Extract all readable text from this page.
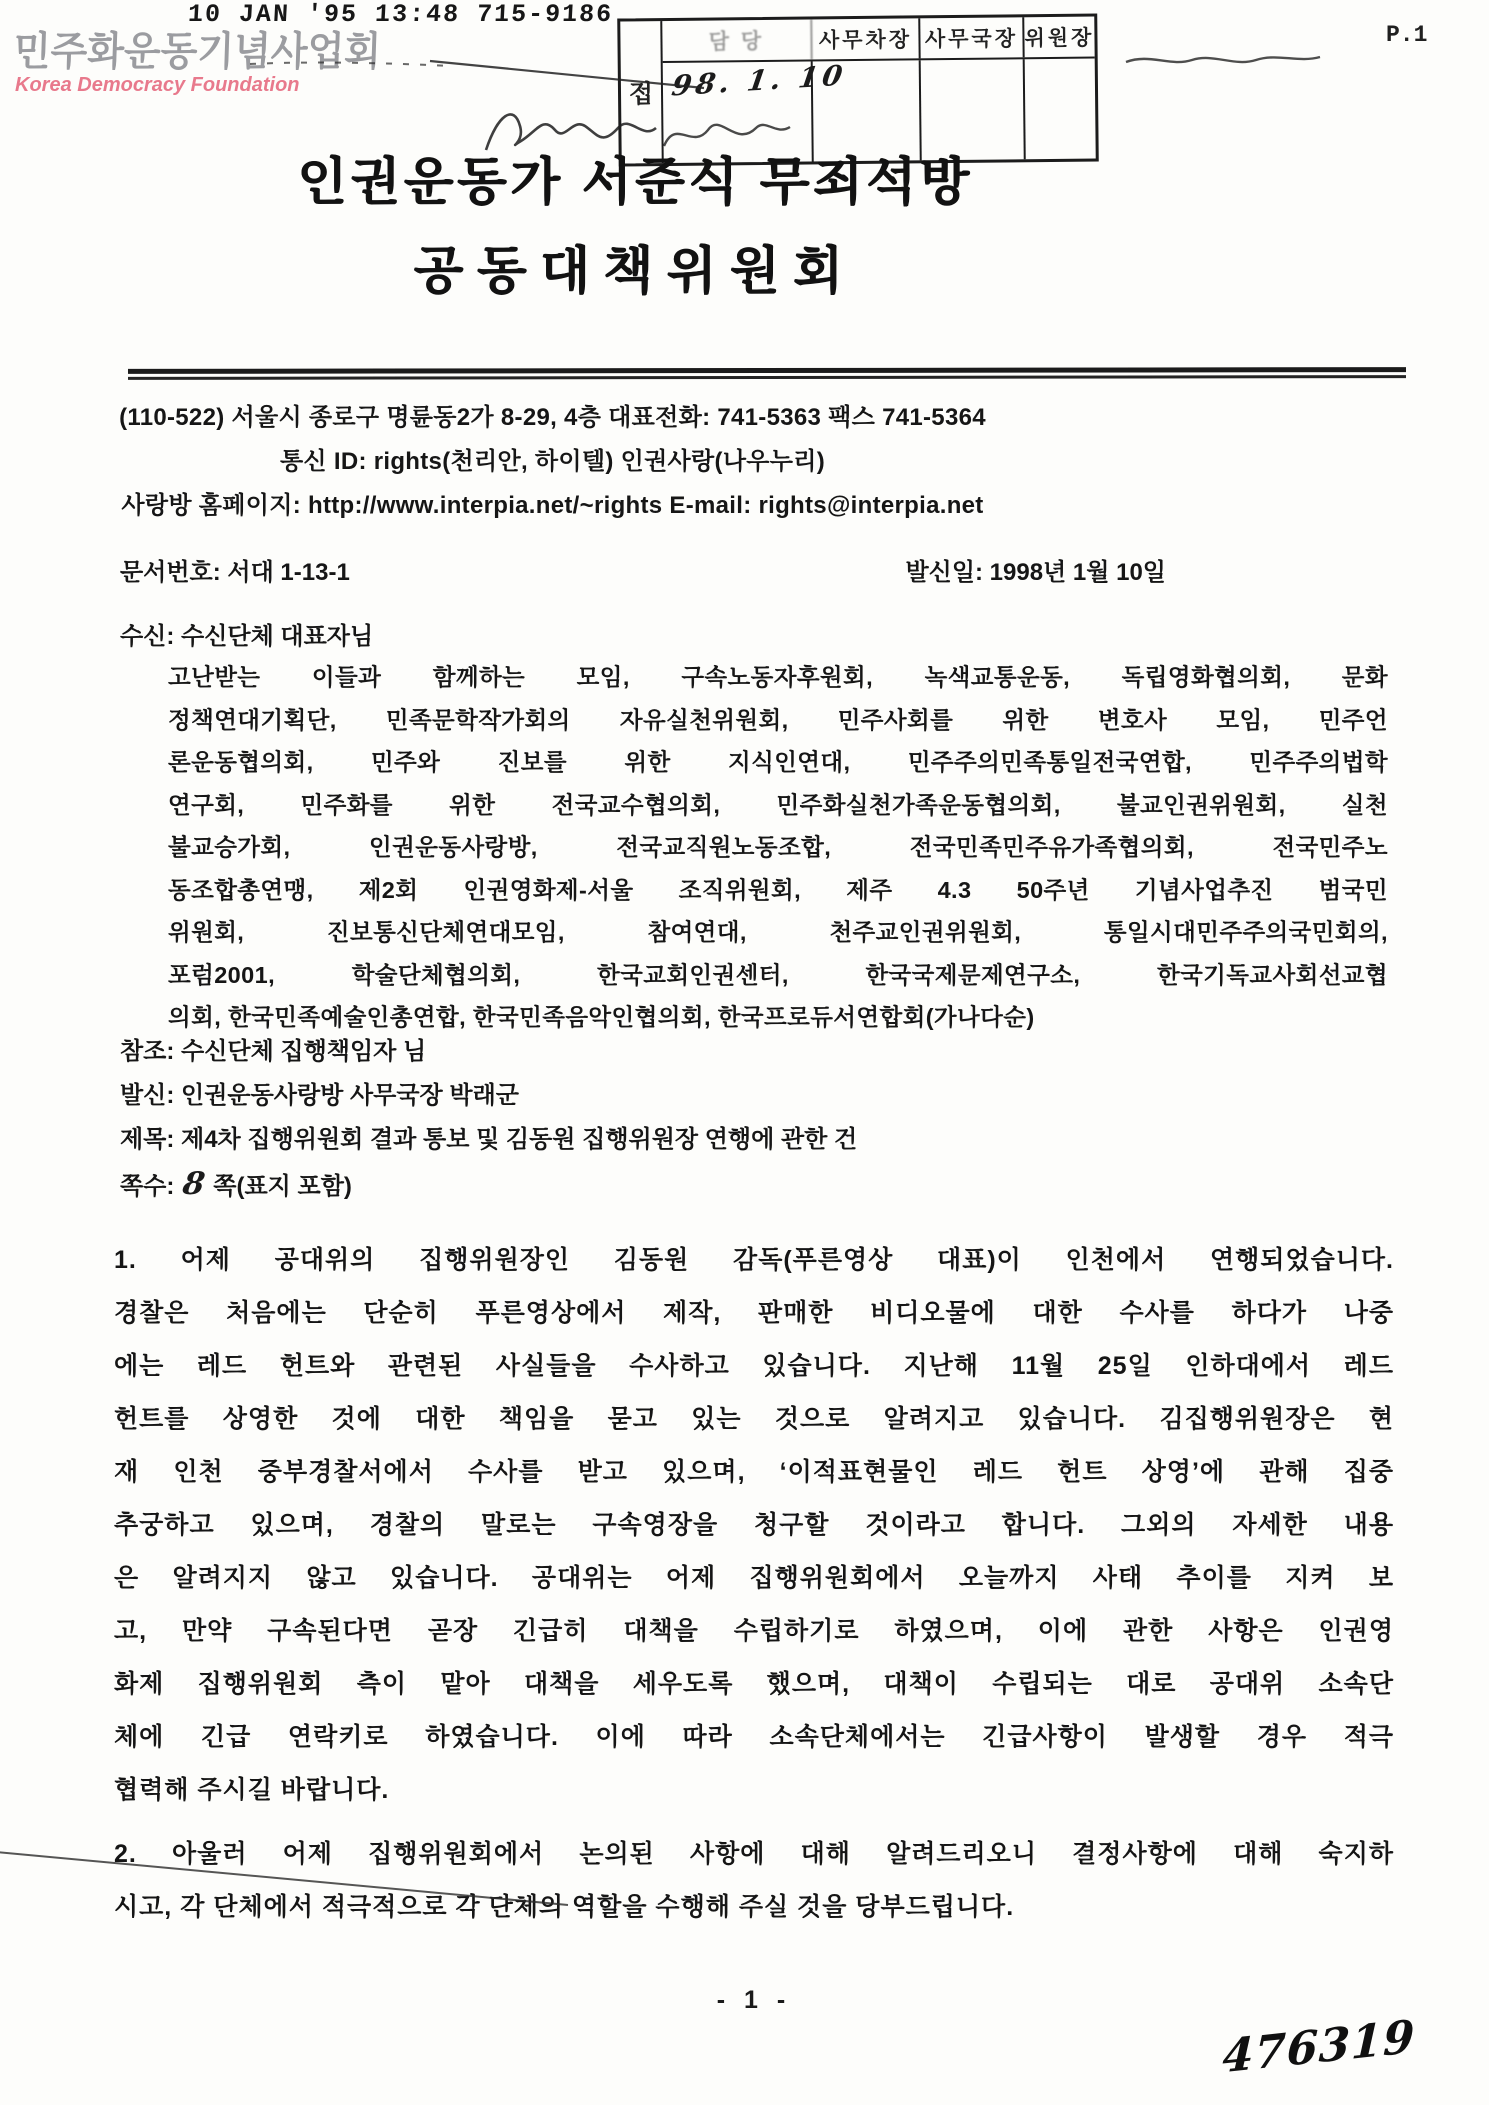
10 JAN '95 13:48 715-9186
P.1
민주화운동기념사업회
Korea Democracy Foundation	접
담 당	사무차장 사무국장 위원장
98. 1. 10
인권운동가 서준식 무죄석방
공동대책위원회
(110-522) 서울시 종로구 명륜동2가 8-29, 4층 대표전화: 741-5363 팩스 741-5364
통신 ID: rights(천리안, 하이텔) 인권사랑(나우누리)
사랑방 홈페이지: http://www.interpia.net/~rights E-mail: rights@interpia.net
문서번호: 서대 1-13-1	발신일: 1998년 1월 10일
수신: 수신단체 대표자님
고난받는 이들과 함께하는 모임, 구속노동자후원회, 녹색교통운동, 독립영화협의회, 문화
정책연대기획단, 민족문학작가회의 자유실천위원회, 민주사회를 위한 변호사 모임, 민주언
론운동협의회, 민주와 진보를 위한 지식인연대, 민주주의민족통일전국연합, 민주주의법학
연구회, 민주화를 위한 전국교수협의회, 민주화실천가족운동협의회, 불교인권위원회, 실천
불교승가회, 인권운동사랑방, 전국교직원노동조합, 전국민족민주유가족협의회, 전국민주노
동조합총연맹, 제2회 인권영화제-서울 조직위원회, 제주 4.3 50주년 기념사업추진 범국민
위원회, 진보통신단체연대모임, 참여연대, 천주교인권위원회, 통일시대민주주의국민회의,
포럼2001, 학술단체협의회, 한국교회인권센터, 한국국제문제연구소, 한국기독교사회선교협
의회, 한국민족예술인총연합, 한국민족음악인협의회, 한국프로듀서연합회(가나다순)
참조: 수신단체 집행책임자 님
발신: 인권운동사랑방 사무국장 박래군
제목: 제4차 집행위원회 결과 통보 및 김동원 집행위원장 연행에 관한 건
쪽수: 8 쪽(표지 포함)
1. 어제 공대위의 집행위원장인 김동원 감독(푸른영상 대표)이 인천에서 연행되었습니다.
경찰은 처음에는 단순히 푸른영상에서 제작, 판매한 비디오물에 대한 수사를 하다가 나중
에는 레드 헌트와 관련된 사실들을 수사하고 있습니다. 지난해 11월 25일 인하대에서 레드
헌트를 상영한 것에 대한 책임을 묻고 있는 것으로 알려지고 있습니다. 김집행위원장은 현
재 인천 중부경찰서에서 수사를 받고 있으며, ‘이적표현물인 레드 헌트 상영’에 관해 집중
추궁하고 있으며, 경찰의 말로는 구속영장을 청구할 것이라고 합니다. 그외의 자세한 내용
은 알려지지 않고 있습니다. 공대위는 어제 집행위원회에서 오늘까지 사태 추이를 지켜 보
고, 만약 구속된다면 곧장 긴급히 대책을 수립하기로 하였으며, 이에 관한 사항은 인권영
화제 집행위원회 측이 맡아 대책을 세우도록 했으며, 대책이 수립되는 대로 공대위 소속단
체에 긴급 연락키로 하였습니다. 이에 따라 소속단체에서는 긴급사항이 발생할 경우 적극
협력해 주시길 바랍니다.
2. 아울러 어제 집행위원회에서 논의된 사항에 대해 알려드리오니 결정사항에 대해 숙지하
시고, 각 단체에서 적극적으로 각 단체의 역할을 수행해 주실 것을 당부드립니다.
- 1 -
476319
